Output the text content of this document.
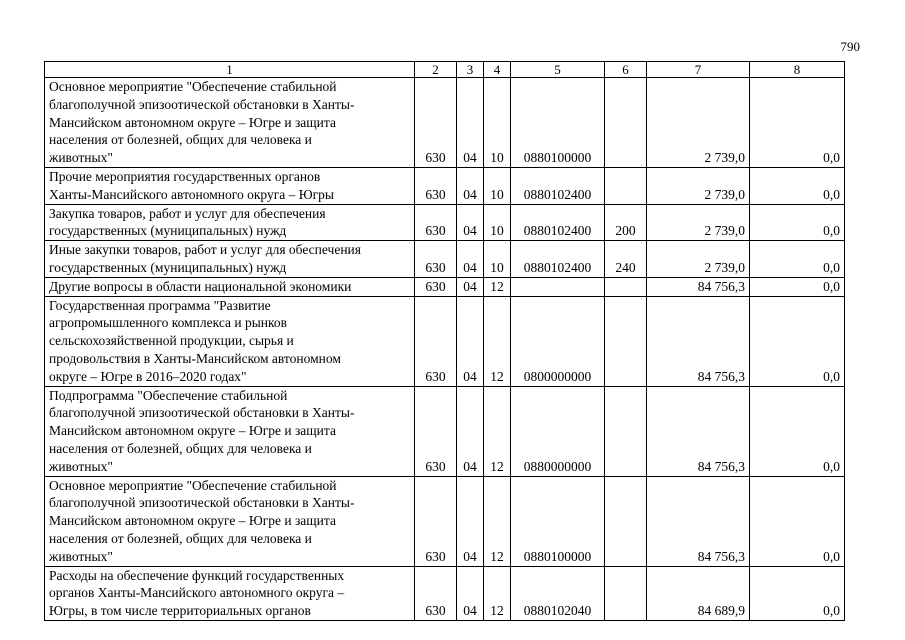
790
1	2	3	4	5	6	7	8

Основное мероприятие "Обеспечение стабильной
благополучной эпизоотической обстановки в Ханты-
Мансийском автономном округе – Югре и защита
населения от болезней, общих для человека и
животных"	630	04	10	0880100000		2 739,0	0,0

Прочие мероприятия государственных органов
Ханты-Мансийского автономного округа – Югры	630	04	10	0880102400		2 739,0	0,0

Закупка товаров, работ и услуг для обеспечения
государственных (муниципальных) нужд	630	04	10	0880102400	200	2 739,0	0,0

Иные закупки товаров, работ и услуг для обеспечения
государственных (муниципальных) нужд	630	04	10	0880102400	240	2 739,0	0,0

Другие вопросы в области национальной экономики	630	04	12			84 756,3	0,0

Государственная программа "Развитие
агропромышленного комплекса и рынков
сельскохозяйственной продукции, сырья и
продовольствия в Ханты-Мансийском автономном
округе – Югре в 2016–2020 годах"	630	04	12	0800000000		84 756,3	0,0

Подпрограмма "Обеспечение стабильной
благополучной эпизоотической обстановки в Ханты-
Мансийском автономном округе – Югре и защита
населения от болезней, общих для человека и
животных"	630	04	12	0880000000		84 756,3	0,0

Основное мероприятие "Обеспечение стабильной
благополучной эпизоотической обстановки в Ханты-
Мансийском автономном округе – Югре и защита
населения от болезней, общих для человека и
животных"	630	04	12	0880100000		84 756,3	0,0

Расходы на обеспечение функций государственных
органов Ханты-Мансийского автономного округа –
Югры, в том числе территориальных органов	630	04	12	0880102040		84 689,9	0,0
